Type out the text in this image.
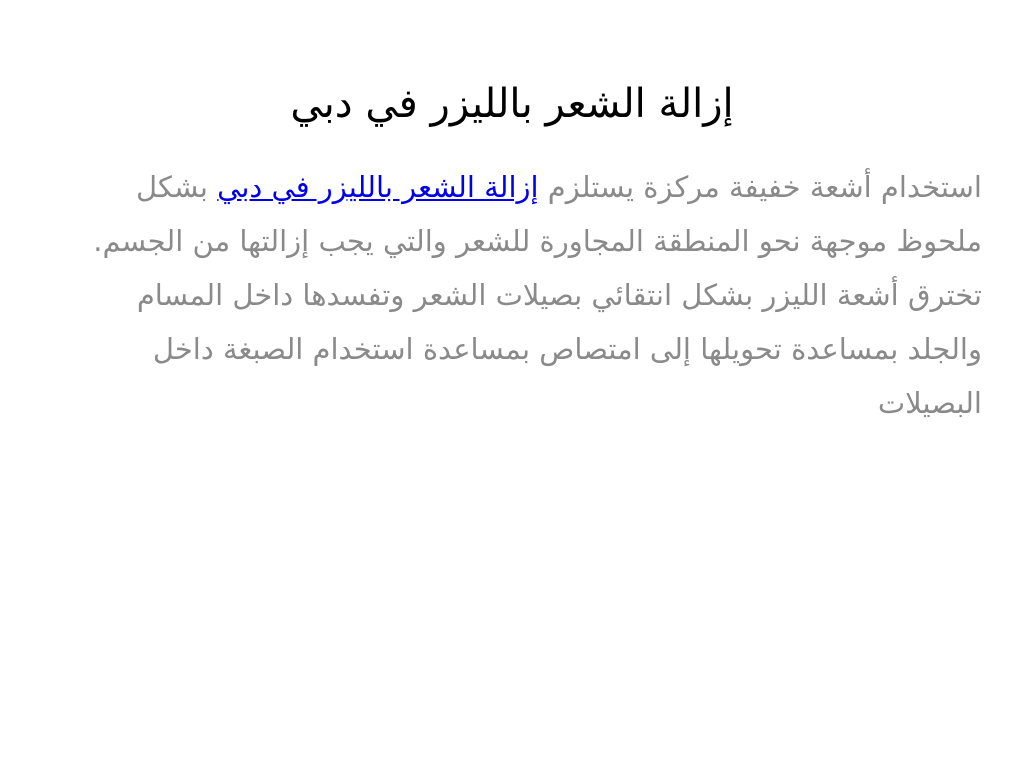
إزالة الشعر بالليزر في دبي

استخدام أشعة خفيفة مركزة يستلزم إزالة الشعر بالليزر في دبي بشكل ملحوظ موجهة نحو المنطقة المجاورة للشعر والتي يجب إزالتها من الجسم. تخترق أشعة الليزر بشكل انتقائي بصيلات الشعر وتفسدها داخل المسام والجلد بمساعدة تحويلها إلى امتصاص بمساعدة استخدام الصبغة داخل البصيلات
